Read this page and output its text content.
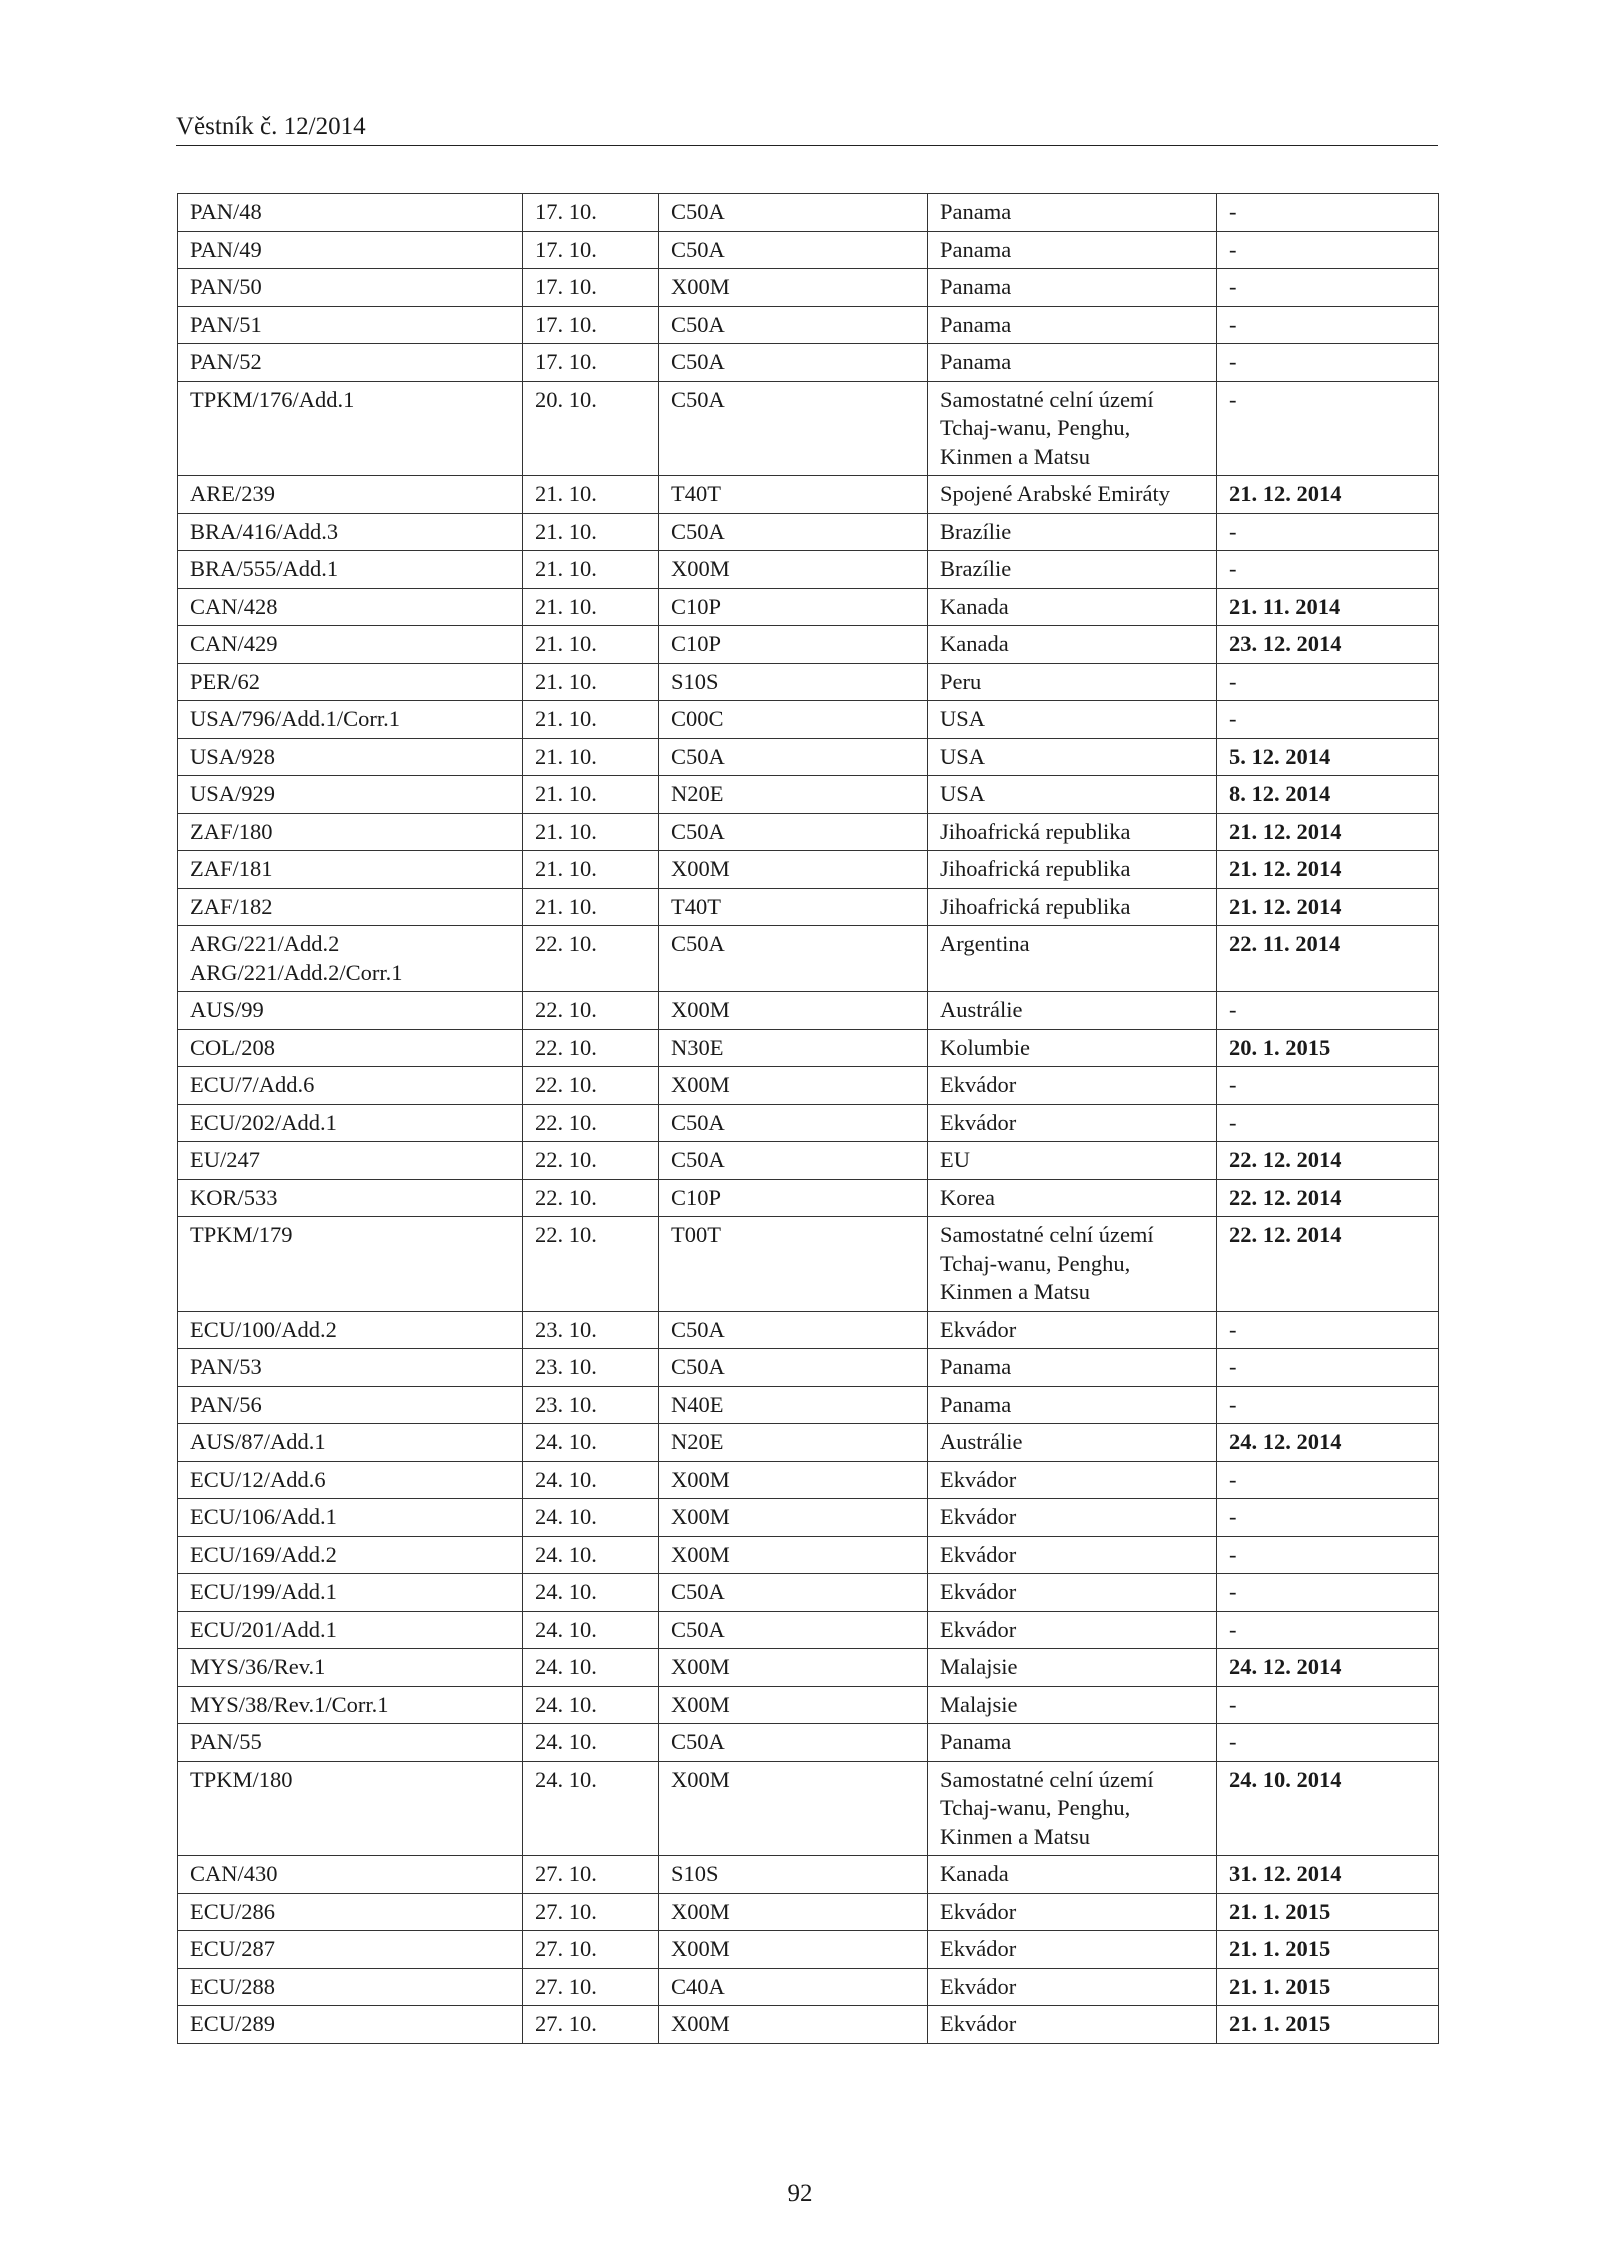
Věstník č. 12/2014
PAN/48	17. 10.	C50A	Panama	-

PAN/49	17. 10.	C50A	Panama	-

PAN/50	17. 10.	X00M	Panama	-

PAN/51	17. 10.	C50A	Panama	-

PAN/52	17. 10.	C50A	Panama	-

TPKM/176/Add.1	20. 10.	C50A	Samostatné celní území
Tchaj-wanu, Penghu,
Kinmen a Matsu	-

ARE/239	21. 10.	T40T	Spojené Arabské Emiráty	21. 12. 2014

BRA/416/Add.3	21. 10.	C50A	Brazílie	-

BRA/555/Add.1	21. 10.	X00M	Brazílie	-

CAN/428	21. 10.	C10P	Kanada	21. 11. 2014

CAN/429	21. 10.	C10P	Kanada	23. 12. 2014

PER/62	21. 10.	S10S	Peru	-

USA/796/Add.1/Corr.1	21. 10.	C00C	USA	-

USA/928	21. 10.	C50A	USA	5. 12. 2014

USA/929	21. 10.	N20E	USA	8. 12. 2014

ZAF/180	21. 10.	C50A	Jihoafrická republika	21. 12. 2014

ZAF/181	21. 10.	X00M	Jihoafrická republika	21. 12. 2014

ZAF/182	21. 10.	T40T	Jihoafrická republika	21. 12. 2014

ARG/221/Add.2
ARG/221/Add.2/Corr.1	22. 10.	C50A	Argentina	22. 11. 2014

AUS/99	22. 10.	X00M	Austrálie	-

COL/208	22. 10.	N30E	Kolumbie	20. 1. 2015

ECU/7/Add.6	22. 10.	X00M	Ekvádor	-

ECU/202/Add.1	22. 10.	C50A	Ekvádor	-

EU/247	22. 10.	C50A	EU	22. 12. 2014

KOR/533	22. 10.	C10P	Korea	22. 12. 2014

TPKM/179	22. 10.	T00T	Samostatné celní území
Tchaj-wanu, Penghu,
Kinmen a Matsu	22. 12. 2014

ECU/100/Add.2	23. 10.	C50A	Ekvádor	-

PAN/53	23. 10.	C50A	Panama	-

PAN/56	23. 10.	N40E	Panama	-

AUS/87/Add.1	24. 10.	N20E	Austrálie	24. 12. 2014

ECU/12/Add.6	24. 10.	X00M	Ekvádor	-

ECU/106/Add.1	24. 10.	X00M	Ekvádor	-

ECU/169/Add.2	24. 10.	X00M	Ekvádor	-

ECU/199/Add.1	24. 10.	C50A	Ekvádor	-

ECU/201/Add.1	24. 10.	C50A	Ekvádor	-

MYS/36/Rev.1	24. 10.	X00M	Malajsie	24. 12. 2014

MYS/38/Rev.1/Corr.1	24. 10.	X00M	Malajsie	-

PAN/55	24. 10.	C50A	Panama	-

TPKM/180	24. 10.	X00M	Samostatné celní území
Tchaj-wanu, Penghu,
Kinmen a Matsu	24. 10. 2014

CAN/430	27. 10.	S10S	Kanada	31. 12. 2014

ECU/286	27. 10.	X00M	Ekvádor	21. 1. 2015

ECU/287	27. 10.	X00M	Ekvádor	21. 1. 2015

ECU/288	27. 10.	C40A	Ekvádor	21. 1. 2015

ECU/289	27. 10.	X00M	Ekvádor	21. 1. 2015
92
